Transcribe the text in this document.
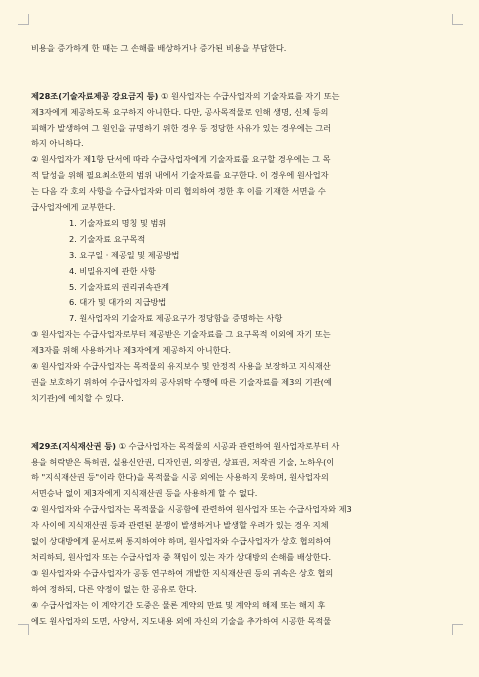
비용을 증가하게 한 때는 그 손해를 배상하거나 증가된 비용을 부담한다.
제28조(기술자료제공 강요금지 등) ① 원사업자는 수급사업자의 기술자료를 자기 또는
제3자에게 제공하도록 요구하지 아니한다. 다만, 공사목적물로 인해 생명, 신체 등의
피해가 발생하여 그 원인을 규명하기 위한 경우 등 정당한 사유가 있는 경우에는 그러
하지 아니하다.
② 원사업자가 제1항 단서에 따라 수급사업자에게 기술자료를 요구할 경우에는 그 목
적 달성을 위해 필요최소한의 범위 내에서 기술자료를 요구한다. 이 경우에 원사업자
는 다음 각 호의 사항을 수급사업자와 미리 협의하여 정한 후 이를 기재한 서면을 수
급사업자에게 교부한다.
1. 기술자료의 명칭 및 범위
2. 기술자료 요구목적
3. 요구일 · 제공일 및 제공방법
4. 비밀유지에 관한 사항
5. 기술자료의 권리귀속관계
6. 대가 및 대가의 지급방법
7. 원사업자의 기술자료 제공요구가 정당함을 증명하는 사항
③ 원사업자는 수급사업자로부터 제공받은 기술자료를 그 요구목적 이외에 자기 또는
제3자를 위해 사용하거나 제3자에게 제공하지 아니한다.
④ 원사업자와 수급사업자는 목적물의 유지보수 및 안정적 사용을 보장하고 지식재산
권을 보호하기 위하여 수급사업자의 공사위탁 수행에 따른 기술자료를 제3의 기관(예
치기관)에 예치할 수 있다.
제29조(지식재산권 등) ① 수급사업자는 목적물의 시공과 관련하여 원사업자로부터 사
용을 허락받은 특허권, 실용신안권, 디자인권, 의장권, 상표권, 저작권 기술, 노하우(이
하 "지식재산권 등"이라 한다)을 목적물을 시공 외에는 사용하지 못하며, 원사업자의
서면승낙 없이 제3자에게 지식재산권 등을 사용하게 할 수 없다.
② 원사업자와 수급사업자는 목적물을 시공함에 관련하여 원사업자 또는 수급사업자와 제3
자 사이에 지식재산권 등과 관련된 분쟁이 발생하거나 발생할 우려가 있는 경우 지체
없이 상대방에게 문서로써 통지하여야 하며, 원사업자와 수급사업자가 상호 협의하여
처리하되, 원사업자 또는 수급사업자 중 책임이 있는 자가 상대방의 손해를 배상한다.
③ 원사업자와 수급사업자가 공동 연구하여 개발한 지식재산권 등의 귀속은 상호 협의
하여 정하되, 다른 약정이 없는 한 공유로 한다.
④ 수급사업자는 이 계약기간 도중은 물론 계약의 만료 및 계약의 해제 또는 해지 후
에도 원사업자의 도면, 사양서, 지도내용 외에 자신의 기술을 추가하여 시공한 목적물
